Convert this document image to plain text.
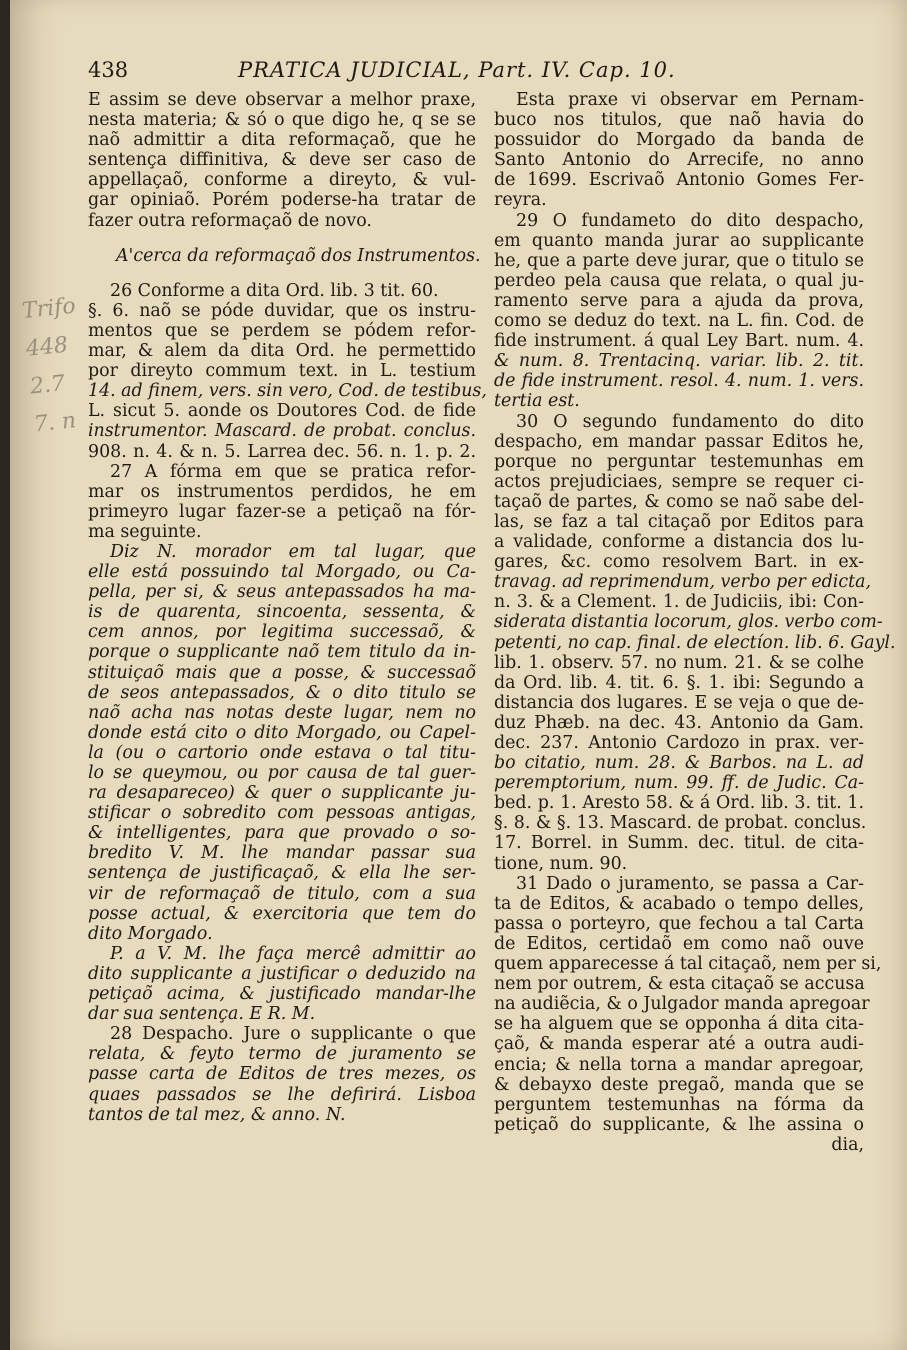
438	PRATICA JUDICIAL, Part. IV. Cap. 10.
Trifo
448
2.7
7. n
E assim se deve observar a melhor praxe,
nesta materia; & só o que digo he, q se se
naõ admittir a dita reformaçaõ, que he
sentença diffinitiva, & deve ser caso de
appellaçaõ, conforme a direyto, & vul-
gar opiniaõ. Porém poderse-ha tratar de
fazer outra reformaçaõ de novo.
A'cerca da reformaçaõ dos Instrumentos.
26 Conforme a dita Ord. lib. 3 tit. 60.
§. 6. naõ se póde duvidar, que os instru-
mentos que se perdem se pódem refor-
mar, & alem da dita Ord. he permettido
por direyto commum text. in L. testium
14. ad finem, vers. sin vero, Cod. de testibus,
L. sicut 5. aonde os Doutores Cod. de fide
instrumentor. Mascard. de probat. conclus.
908. n. 4. & n. 5. Larrea dec. 56. n. 1. p. 2.
27 A fórma em que se pratica refor-
mar os instrumentos perdidos, he em
primeyro lugar fazer-se a petiçaõ na fór-
ma seguinte.
Diz N. morador em tal lugar, que
elle está possuindo tal Morgado, ou Ca-
pella, per si, & seus antepassados ha ma-
is de quarenta, sincoenta, sessenta, &
cem annos, por legitima successaõ, &
porque o supplicante naõ tem titulo da in-
stituiçaõ mais que a posse, & successaõ
de seos antepassados, & o dito titulo se
naõ acha nas notas deste lugar, nem no
donde está cito o dito Morgado, ou Capel-
la (ou o cartorio onde estava o tal titu-
lo se queymou, ou por causa de tal guer-
ra desapareceo) & quer o supplicante ju-
stificar o sobredito com pessoas antigas,
& intelligentes, para que provado o so-
bredito V. M. lhe mandar passar sua
sentença de justificaçaõ, & ella lhe ser-
vir de reformaçaõ de titulo, com a sua
posse actual, & exercitoria que tem do
dito Morgado.
P. a V. M. lhe faça mercê admittir ao
dito supplicante a justificar o deduzido na
petiçaõ acima, & justificado mandar-lhe
dar sua sentença. E R. M.
28 Despacho. Jure o supplicante o que
relata, & feyto termo de juramento se
passe carta de Editos de tres mezes, os
quaes passados se lhe defirirá. Lisboa
tantos de tal mez, & anno. N.
Esta praxe vi observar em Pernam-
buco nos titulos, que naõ havia do
possuidor do Morgado da banda de
Santo Antonio do Arrecife, no anno
de 1699. Escrivaõ Antonio Gomes Fer-
reyra.
29 O fundameto do dito despacho,
em quanto manda jurar ao supplicante
he, que a parte deve jurar, que o titulo se
perdeo pela causa que relata, o qual ju-
ramento serve para a ajuda da prova,
como se deduz do text. na L. fin. Cod. de
fide instrument. á qual Ley Bart. num. 4.
& num. 8. Trentacinq. variar. lib. 2. tit.
de fide instrument. resol. 4. num. 1. vers.
tertia est.
30 O segundo fundamento do dito
despacho, em mandar passar Editos he,
porque no perguntar testemunhas em
actos prejudiciaes, sempre se requer ci-
taçaõ de partes, & como se naõ sabe del-
las, se faz a tal citaçaõ por Editos para
a validade, conforme a distancia dos lu-
gares, &c. como resolvem Bart. in ex-
travag. ad reprimendum, verbo per edicta,
n. 3. & a Clement. 1. de Judiciis, ibi: Con-
siderata distantia locorum, glos. verbo com-
petenti, no cap. final. de electíon. lib. 6. Gayl.
lib. 1. observ. 57. no num. 21. & se colhe
da Ord. lib. 4. tit. 6. §. 1. ibi: Segundo a
distancia dos lugares. E se veja o que de-
duz Phæb. na dec. 43. Antonio da Gam.
dec. 237. Antonio Cardozo in prax. ver-
bo citatio, num. 28. & Barbos. na L. ad
peremptorium, num. 99. ff. de Judic. Ca-
bed. p. 1. Aresto 58. & á Ord. lib. 3. tit. 1.
§. 8. & §. 13. Mascard. de probat. conclus.
17. Borrel. in Summ. dec. titul. de cita-
tione, num. 90.
31 Dado o juramento, se passa a Car-
ta de Editos, & acabado o tempo delles,
passa o porteyro, que fechou a tal Carta
de Editos, certidaõ em como naõ ouve
quem apparecesse á tal citaçaõ, nem per si,
nem por outrem, & esta citaçaõ se accusa
na audiẽcia, & o Julgador manda apregoar
se ha alguem que se opponha á dita cita-
çaõ, & manda esperar até a outra audi-
encia; & nella torna a mandar apregoar,
& debayxo deste pregaõ, manda que se
perguntem testemunhas na fórma da
petiçaõ do supplicante, & lhe assina o
dia,
